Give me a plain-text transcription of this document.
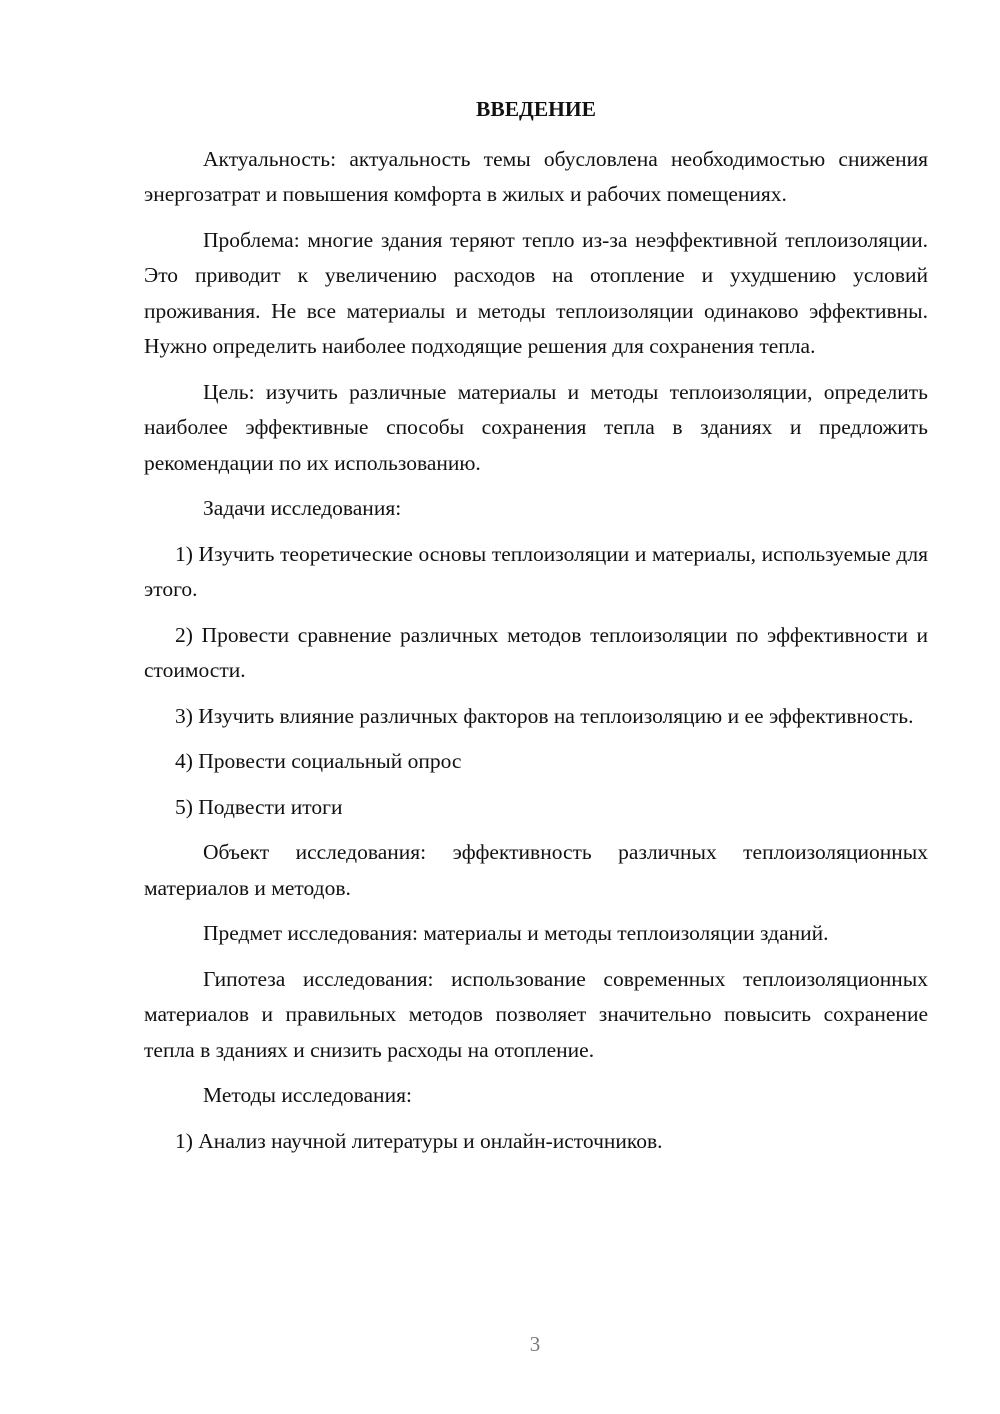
ВВЕДЕНИЕ

Актуальность: актуальность темы обусловлена необходимостью снижения энергозатрат и повышения комфорта в жилых и рабочих помещениях.

Проблема: многие здания теряют тепло из-за неэффективной теплоизоляции. Это приводит к увеличению расходов на отопление и ухудшению условий проживания. Не все материалы и методы теплоизоляции одинаково эффективны. Нужно определить наиболее подходящие решения для сохранения тепла.

Цель: изучить различные материалы и методы теплоизоляции, определить наиболее эффективные способы сохранения тепла в зданиях и предложить рекомендации по их использованию.

Задачи исследования:

1) Изучить теоретические основы теплоизоляции и материалы, используемые для этого.

2) Провести сравнение различных методов теплоизоляции по эффективности и стоимости.

3) Изучить влияние различных факторов на теплоизоляцию и ее эффективность.

4) Провести социальный опрос

5) Подвести итоги

Объект исследования: эффективность различных теплоизоляционных материалов и методов.

Предмет исследования: материалы и методы теплоизоляции зданий.

Гипотеза исследования: использование современных теплоизоляционных материалов и правильных методов позволяет значительно повысить сохранение тепла в зданиях и снизить расходы на отопление.

Методы исследования:

1) Анализ научной литературы и онлайн-источников.

3
